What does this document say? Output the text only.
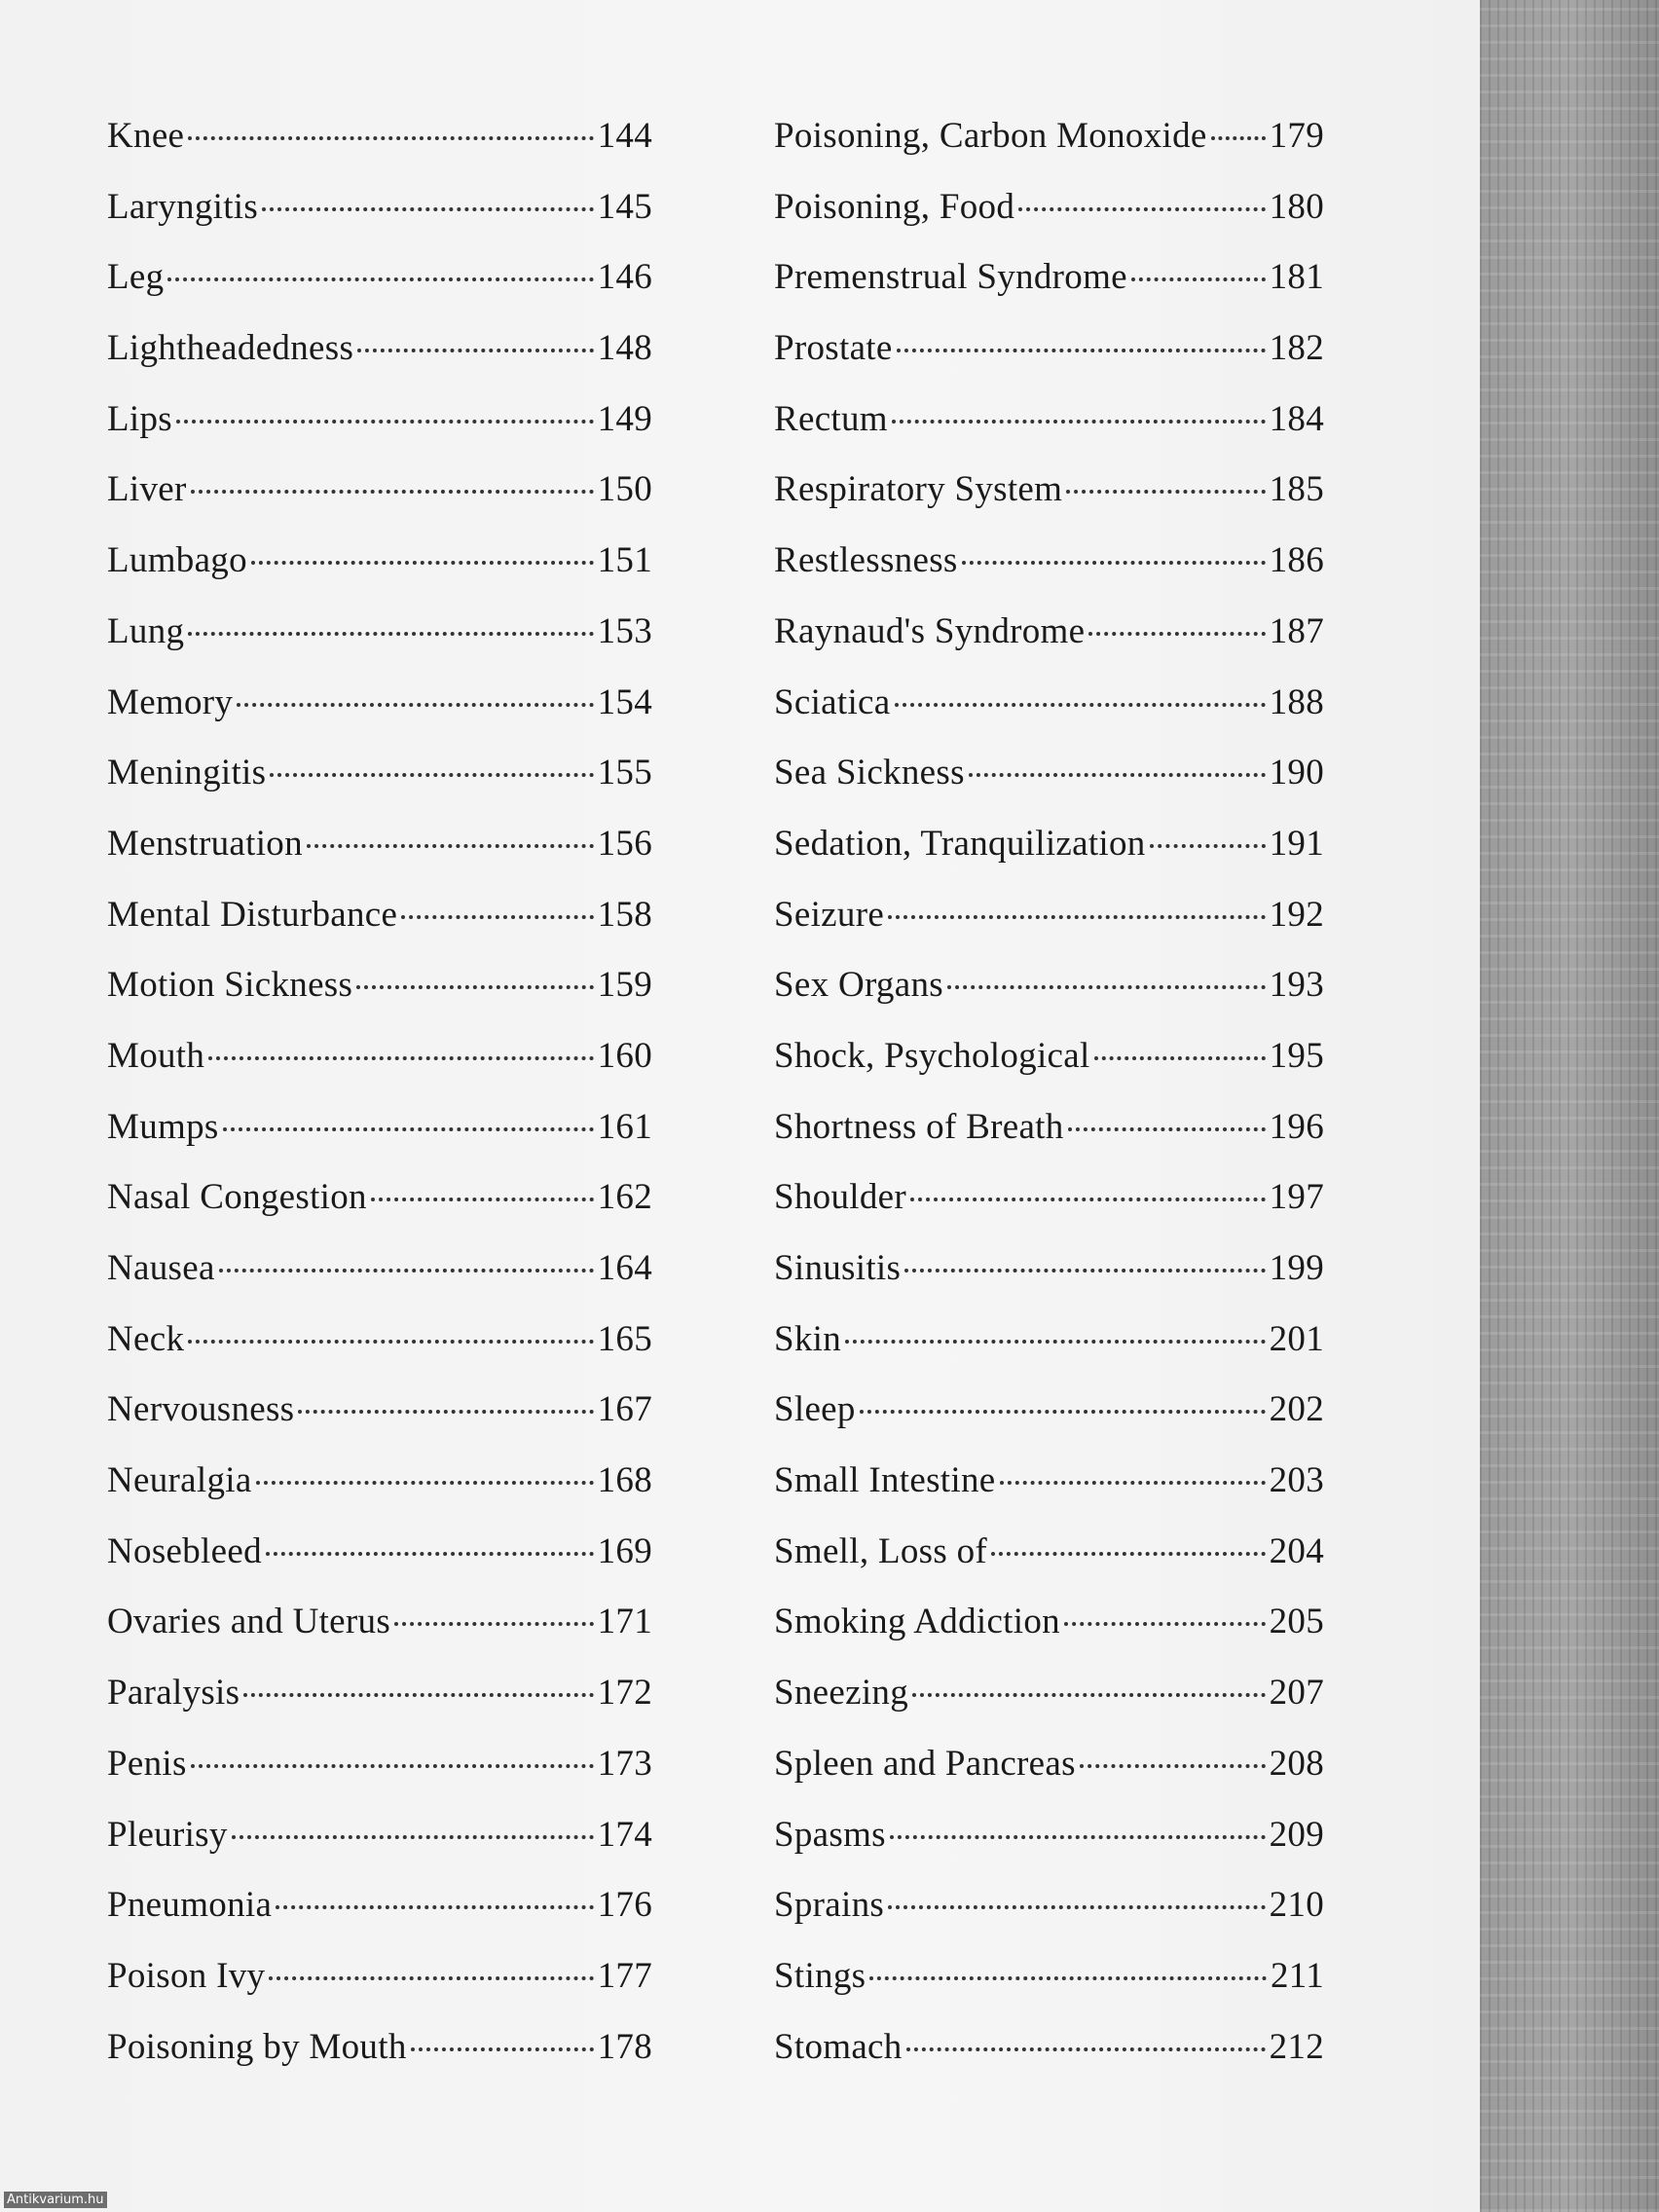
Knee	144
Laryngitis	145
Leg	146
Lightheadedness	148
Lips	149
Liver	150
Lumbago	151
Lung	153
Memory	154
Meningitis	155
Menstruation	156
Mental Disturbance	158
Motion Sickness	159
Mouth	160
Mumps	161
Nasal Congestion	162
Nausea	164
Neck	165
Nervousness	167
Neuralgia	168
Nosebleed	169
Ovaries and Uterus	171
Paralysis	172
Penis	173
Pleurisy	174
Pneumonia	176
Poison Ivy	177
Poisoning by Mouth	178
Poisoning, Carbon Monoxide 179
Poisoning, Food	180
Premenstrual Syndrome	181
Prostate	182
Rectum	184
Respiratory System	185
Restlessness	186
Raynaud's Syndrome	187
Sciatica	188
Sea Sickness	190
Sedation, Tranquilization	191
Seizure	192
Sex Organs	193
Shock, Psychological	195
Shortness of Breath	196
Shoulder	197
Sinusitis	199
Skin	201
Sleep	202
Small Intestine	203
Smell, Loss of	204
Smoking Addiction	205
Sneezing	207
Spleen and Pancreas	208
Spasms	209
Sprains	210
Stings	211
Stomach	212
Antikvarium.hu
